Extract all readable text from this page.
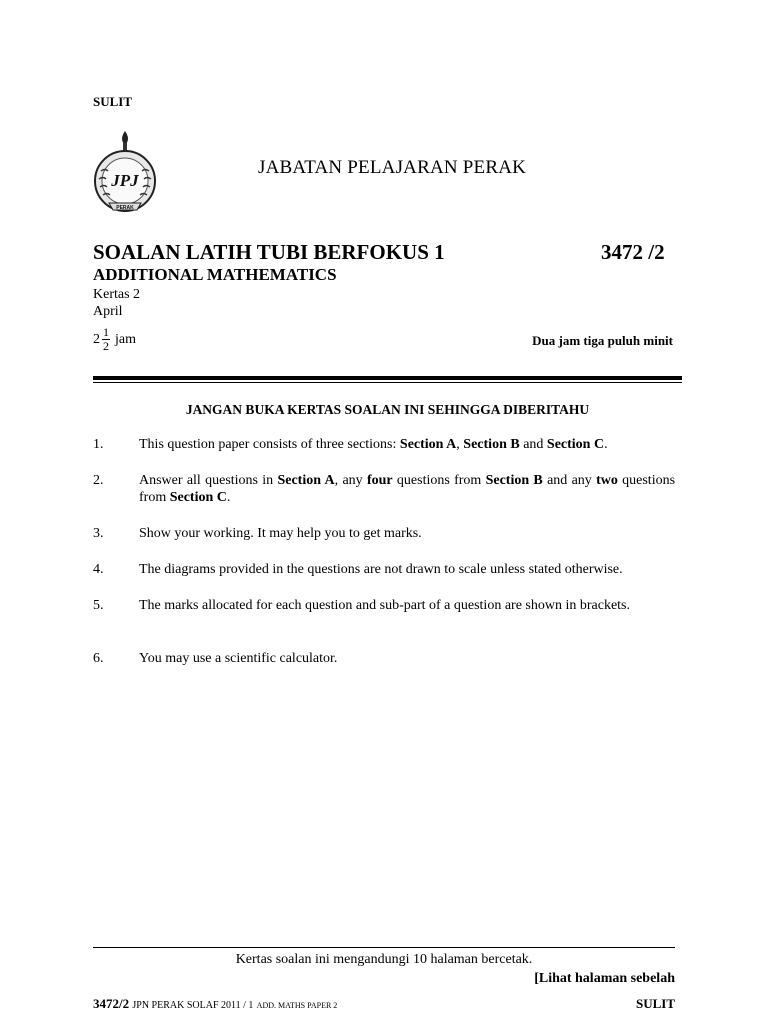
SULIT
JPJ
PERAK
JABATAN PELAJARAN PERAK
SOALAN LATIH TUBI BERFOKUS 1	3472 /2
ADDITIONAL MATHEMATICS
Kertas 2
April
$2 \frac{1}{2}$ jam	Dua jam tiga puluh minit
JANGAN BUKA KERTAS SOALAN INI SEHINGGA DIBERITAHU
1.	This question paper consists of three sections: Section A, Section B and Section C.
2.	Answer all questions in Section A, any four questions from Section B and any two questions from Section C.
3.	Show your working. It may help you to get marks.
4.	The diagrams provided in the questions are not drawn to scale unless stated otherwise.
5.	The marks allocated for each question and sub-part of a question are shown in brackets.
6.	You may use a scientific calculator.
Kertas soalan ini mengandungi 10 halaman bercetak.
[Lihat halaman sebelah
3472/2 JPN PERAK SOLAF 2011 / 1 ADD. MATHS PAPER 2	SULIT
